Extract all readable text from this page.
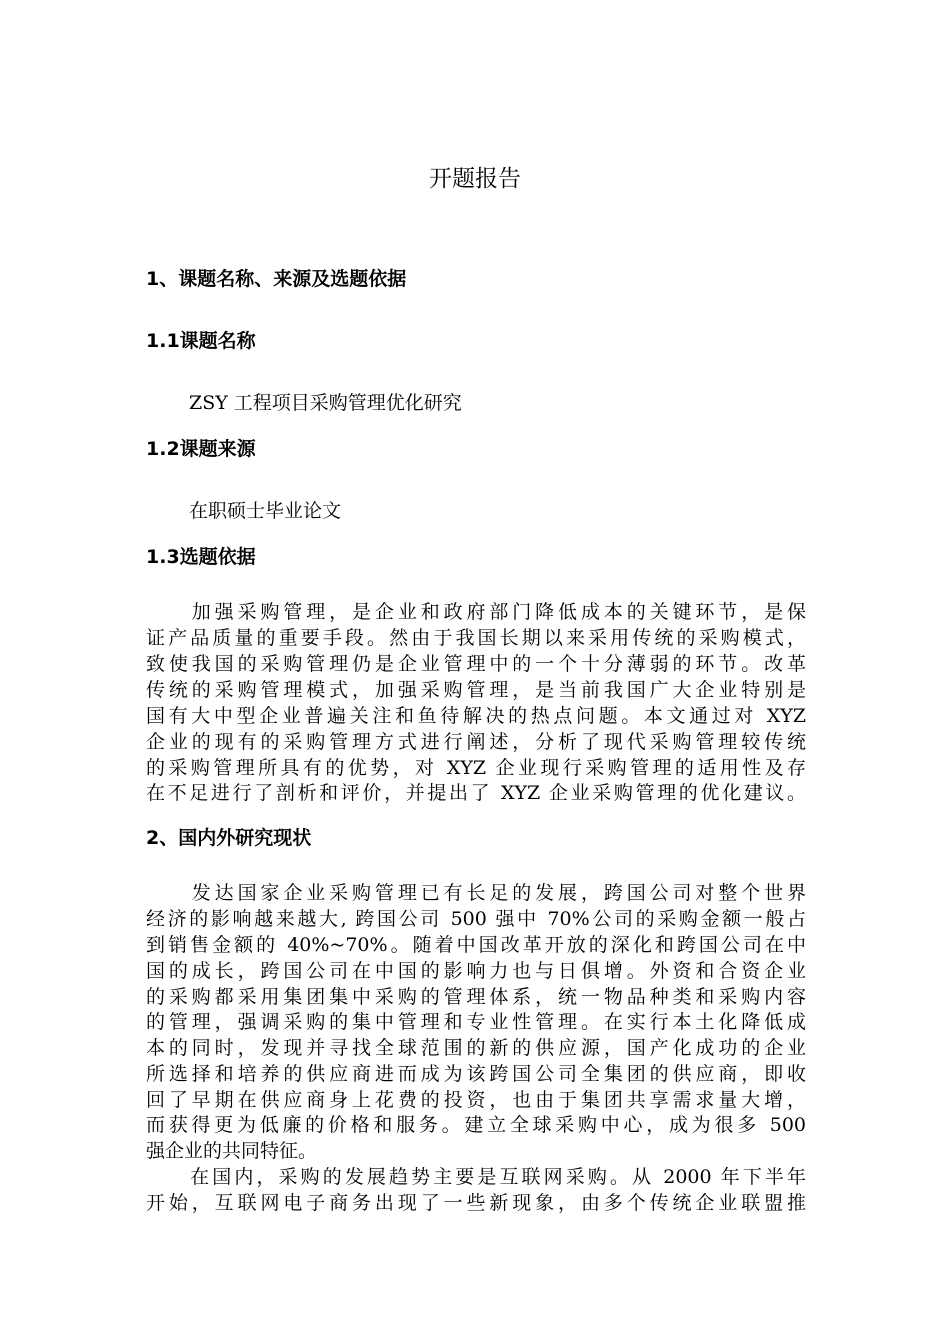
开题报告
1、课题名称、来源及选题依据
1.1课题名称
ZSY 工程项目采购管理优化研究
1.2课题来源
在职硕士毕业论文
1.3选题依据
　　加强采购管理，是企业和政府部门降低成本的关键环节，是保
证产品质量的重要手段。然由于我国长期以来采用传统的采购模式，
致使我国的采购管理仍是企业管理中的一个十分薄弱的环节。改革
传统的采购管理模式，加强采购管理，是当前我国广大企业特别是
国有大中型企业普遍关注和鱼待解决的热点问题。本文通过对 XYZ
企业的现有的采购管理方式进行阐述，分析了现代采购管理较传统
的采购管理所具有的优势，对 XYZ 企业现行采购管理的适用性及存
在不足进行了剖析和评价，并提出了 XYZ 企业采购管理的优化建议。
2、国内外研究现状
　　发达国家企业采购管理已有长足的发展，跨国公司对整个世界
经济的影响越来越大, 跨国公司 500 强中 70%公司的采购金额一般占
到销售金额的 40%~70%。随着中国改革开放的深化和跨国公司在中
国的成长，跨国公司在中国的影响力也与日俱增。外资和合资企业
的采购都采用集团集中采购的管理体系，统一物品种类和采购内容
的管理，强调采购的集中管理和专业性管理。在实行本土化降低成
本的同时，发现并寻找全球范围的新的供应源，国产化成功的企业
所选择和培养的供应商进而成为该跨国公司全集团的供应商，即收
回了早期在供应商身上花费的投资，也由于集团共享需求量大增，
而获得更为低廉的价格和服务。建立全球采购中心，成为很多 500
强企业的共同特征。
　　在国内，采购的发展趋势主要是互联网采购。从 2000 年下半年
开始，互联网电子商务出现了一些新现象，由多个传统企业联盟推
